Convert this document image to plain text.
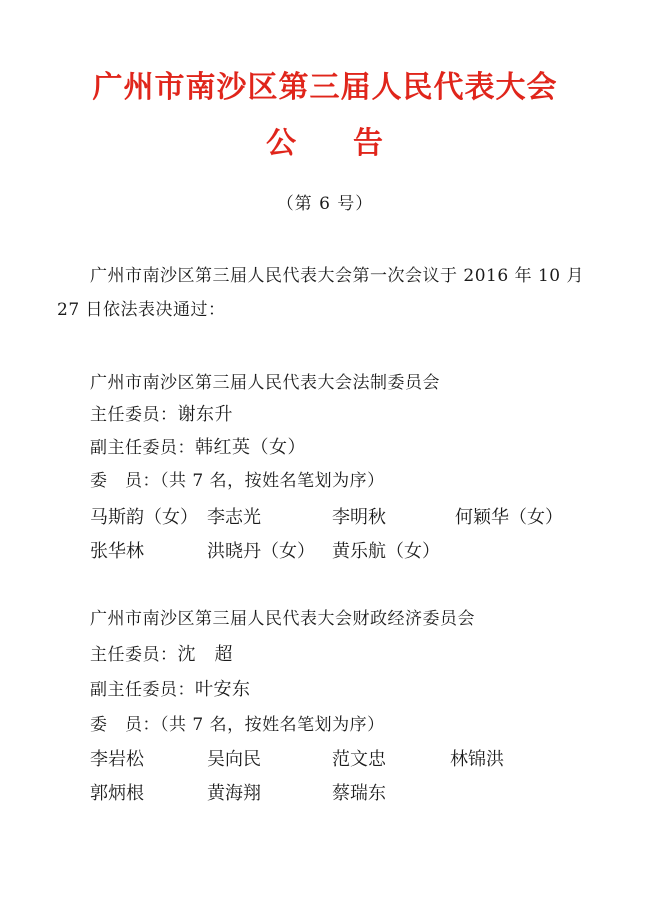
广州市南沙区第三届人民代表大会
公 告
（第 6 号）
广州市南沙区第三届人民代表大会第一次会议于 2016 年 10 月
27 日依法表决通过：
广州市南沙区第三届人民代表大会法制委员会
主任委员：谢东升
副主任委员：韩红英（女）
委　员：（共 7 名，按姓名笔划为序）
马斯韵（女） 李志光	李明秋	何颖华（女）
张华林	洪晓丹（女） 黄乐航（女）
广州市南沙区第三届人民代表大会财政经济委员会
主任委员：沈　超
副主任委员：叶安东
委　员：（共 7 名，按姓名笔划为序）
李岩松	吴向民	范文忠	林锦洪
郭炳根	黄海翔	蔡瑞东
